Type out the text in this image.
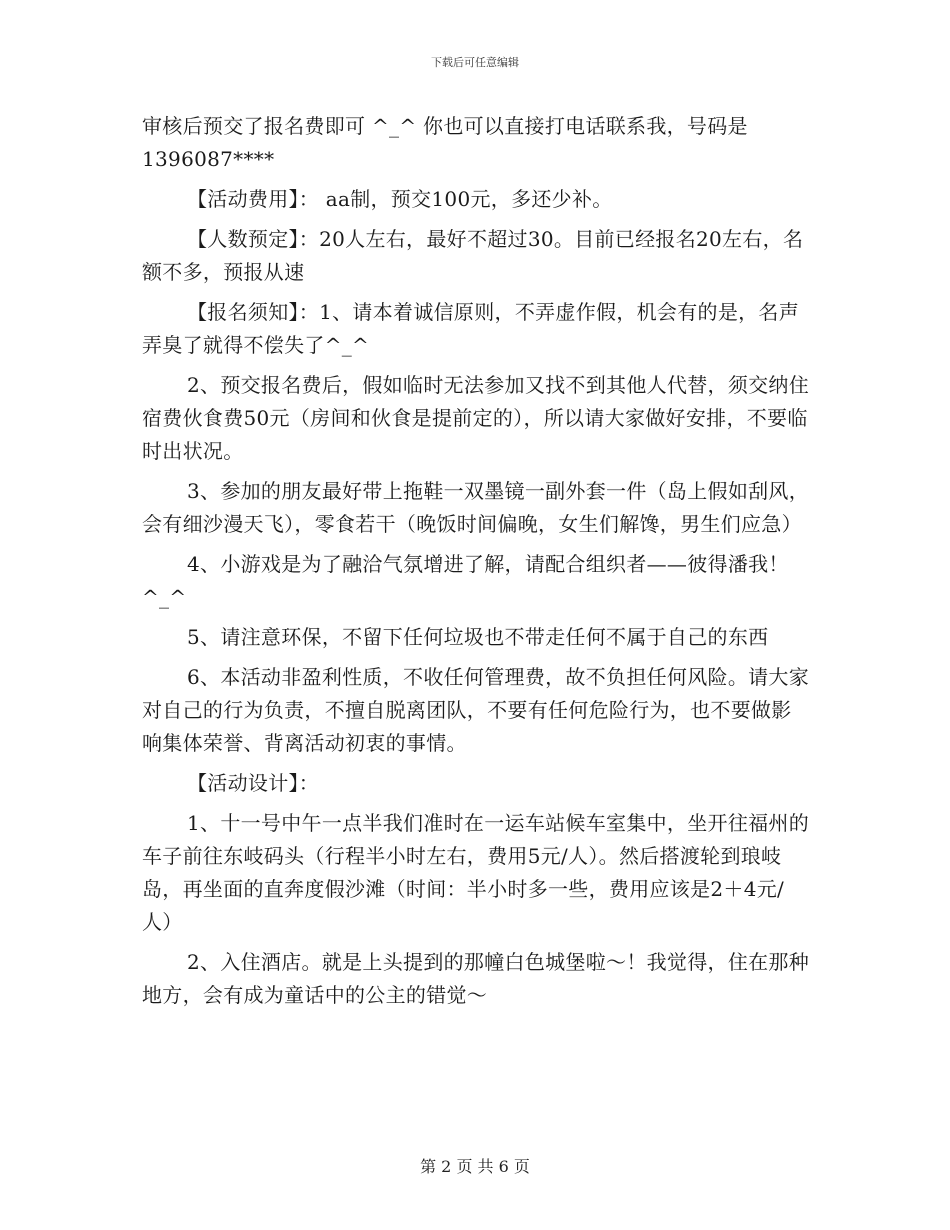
下载后可任意编辑

审核后预交了报名费即可 ^_^ 你也可以直接打电话联系我，号码是 1396087****

【活动费用】： aa制，预交100元，多还少补。

【人数预定】：20人左右，最好不超过30。目前已经报名20左右，名额不多，预报从速

【报名须知】：1、请本着诚信原则，不弄虚作假，机会有的是，名声弄臭了就得不偿失了^_^

2、预交报名费后，假如临时无法参加又找不到其他人代替，须交纳住宿费伙食费50元（房间和伙食是提前定的），所以请大家做好安排，不要临时出状况。

3、参加的朋友最好带上拖鞋一双墨镜一副外套一件（岛上假如刮风，会有细沙漫天飞），零食若干（晚饭时间偏晚，女生们解馋，男生们应急）

4、小游戏是为了融洽气氛增进了解，请配合组织者——彼得潘我！^_^

5、请注意环保，不留下任何垃圾也不带走任何不属于自己的东西

6、本活动非盈利性质，不收任何管理费，故不负担任何风险。请大家对自己的行为负责，不擅自脱离团队，不要有任何危险行为，也不要做影响集体荣誉、背离活动初衷的事情。

【活动设计】：

1、十一号中午一点半我们准时在一运车站候车室集中，坐开往福州的车子前往东岐码头（行程半小时左右，费用5元/人）。然后搭渡轮到琅岐岛，再坐面的直奔度假沙滩（时间：半小时多一些，费用应该是2＋4元/人）

2、入住酒店。就是上头提到的那幢白色城堡啦～！我觉得，住在那种地方，会有成为童话中的公主的错觉～

第 2 页 共 6 页
